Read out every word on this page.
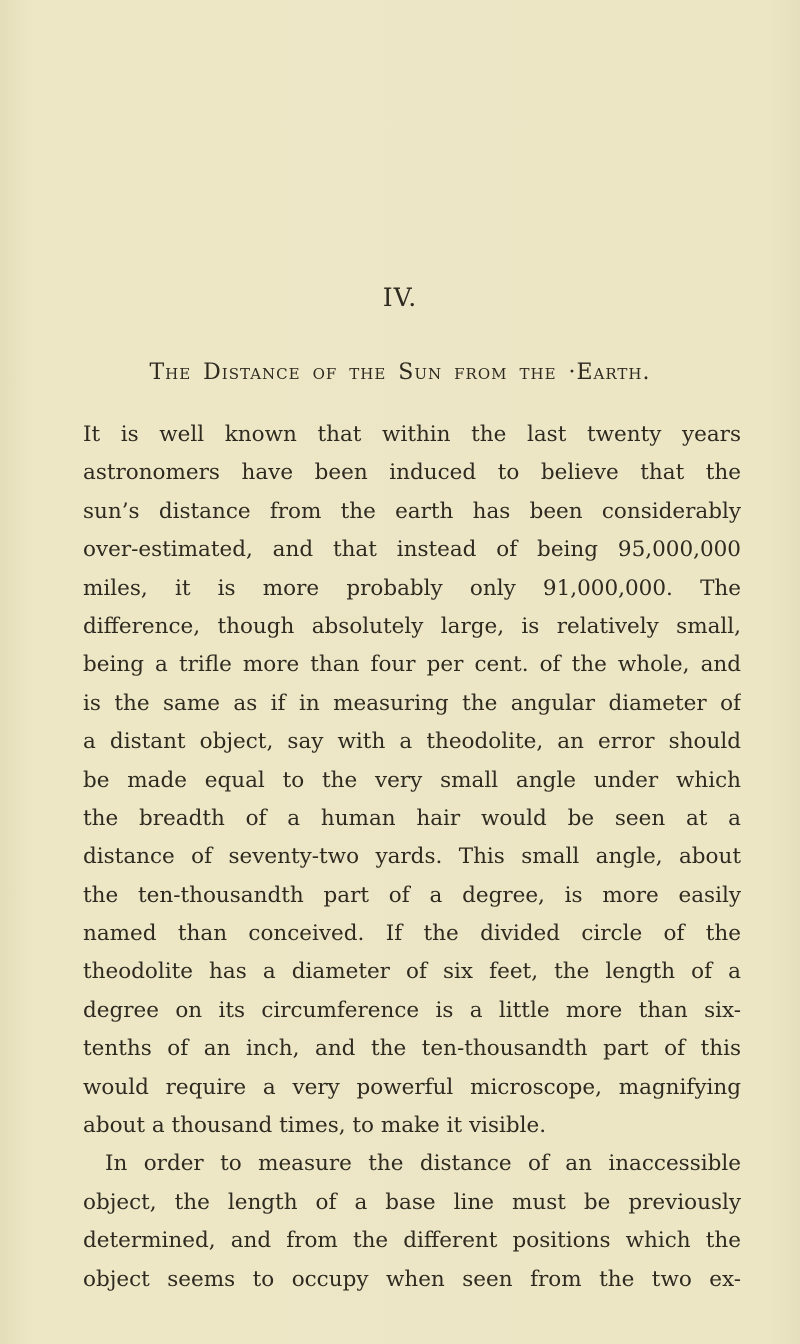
IV.
The Distance of the Sun from the ·Earth.
It is well known that within the last twenty years
astronomers have been induced to believe that the
sun’s distance from the earth has been considerably
over-estimated, and that instead of being 95,000,000
miles, it is more probably only 91,000,000. The
difference, though absolutely large, is relatively small,
being a trifle more than four per cent. of the whole, and
is the same as if in measuring the angular diameter of
a distant object, say with a theodolite, an error should
be made equal to the very small angle under which
the breadth of a human hair would be seen at a
distance of seventy-two yards. This small angle, about
the ten-thousandth part of a degree, is more easily
named than conceived. If the divided circle of the
theodolite has a diameter of six feet, the length of a
degree on its circumference is a little more than six-
tenths of an inch, and the ten-thousandth part of this
would require a very powerful microscope, magnifying
about a thousand times, to make it visible.
In order to measure the distance of an inaccessible
object, the length of a base line must be previously
determined, and from the different positions which the
object seems to occupy when seen from the two ex-
